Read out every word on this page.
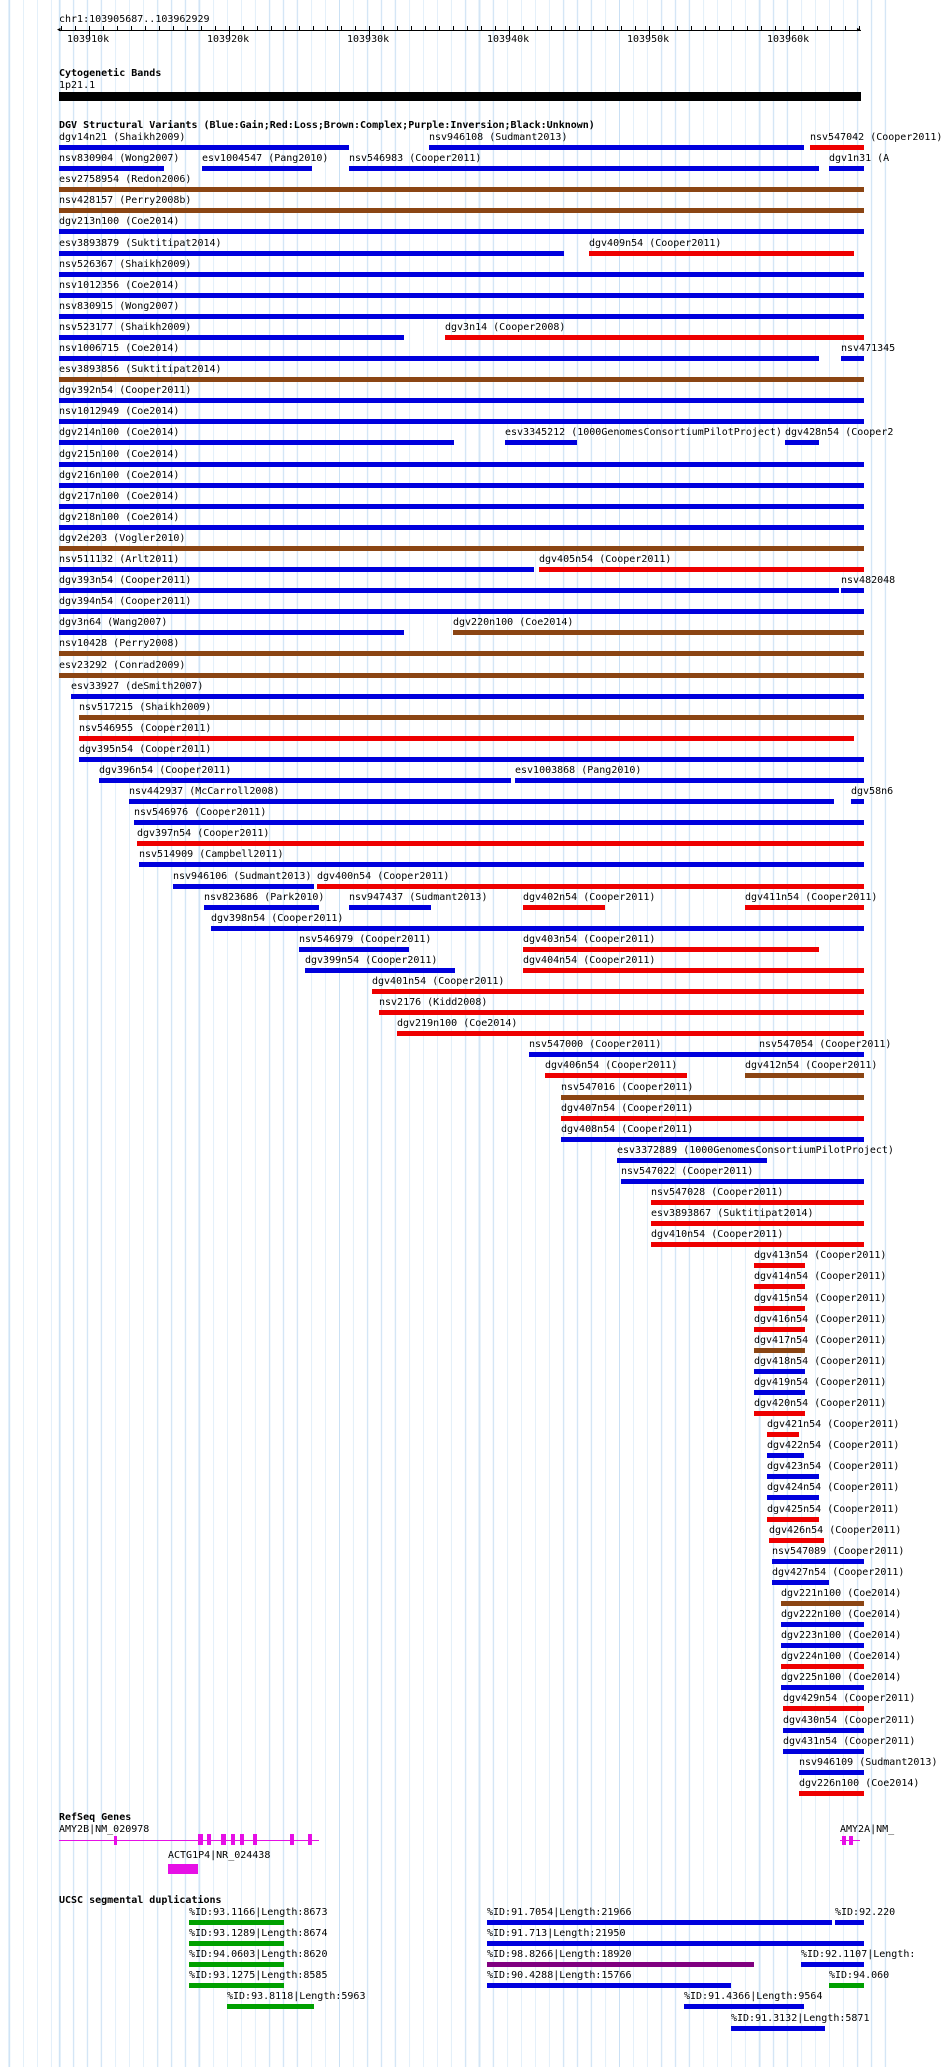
chr1:103905687..103962929
103910k	103920k	103930k	103940k	103950k	103960k
◂	▸
Cytogenetic Bands
1p21.1
DGV Structural Variants (Blue:Gain;Red:Loss;Brown:Complex;Purple:Inversion;Black:Unknown)
dgv14n21 (Shaikh2009)	nsv946108 (Sudmant2013)	nsv547042 (Cooper2011)
nsv830904 (Wong2007) esv1004547 (Pang2010) nsv546983 (Cooper2011)	dgv1n31 (A
esv2758954 (Redon2006)
nsv428157 (Perry2008b)
dgv213n100 (Coe2014)
esv3893879 (Suktitipat2014)	dgv409n54 (Cooper2011)
nsv526367 (Shaikh2009)
nsv1012356 (Coe2014)
nsv830915 (Wong2007)
nsv523177 (Shaikh2009)	dgv3n14 (Cooper2008)
nsv1006715 (Coe2014)	nsv471345
esv3893856 (Suktitipat2014)
dgv392n54 (Cooper2011)
nsv1012949 (Coe2014)
dgv214n100 (Coe2014)	esv3345212 (1000GenomesConsortiumPilotProject) dgv428n54 (Cooper2
dgv215n100 (Coe2014)
dgv216n100 (Coe2014)
dgv217n100 (Coe2014)
dgv218n100 (Coe2014)
dgv2e203 (Vogler2010)
nsv511132 (Arlt2011)	dgv405n54 (Cooper2011)
dgv393n54 (Cooper2011)	nsv482048
dgv394n54 (Cooper2011)
dgv3n64 (Wang2007)	dgv220n100 (Coe2014)
nsv10428 (Perry2008)
esv23292 (Conrad2009)
esv33927 (deSmith2007)
nsv517215 (Shaikh2009)
nsv546955 (Cooper2011)
dgv395n54 (Cooper2011)
dgv396n54 (Cooper2011)	esv1003868 (Pang2010)
nsv442937 (McCarroll2008)	dgv58n6
nsv546976 (Cooper2011)
dgv397n54 (Cooper2011)
nsv514909 (Campbell2011)
nsv946106 (Sudmant2013) dgv400n54 (Cooper2011)
nsv823686 (Park2010) nsv947437 (Sudmant2013)	dgv402n54 (Cooper2011)	dgv411n54 (Cooper2011)
dgv398n54 (Cooper2011)
nsv546979 (Cooper2011)	dgv403n54 (Cooper2011)
dgv399n54 (Cooper2011)	dgv404n54 (Cooper2011)
dgv401n54 (Cooper2011)
nsv2176 (Kidd2008)
dgv219n100 (Coe2014)
nsv547000 (Cooper2011)	nsv547054 (Cooper2011)
dgv406n54 (Cooper2011)	dgv412n54 (Cooper2011)
nsv547016 (Cooper2011)
dgv407n54 (Cooper2011)
dgv408n54 (Cooper2011)
esv3372889 (1000GenomesConsortiumPilotProject)
nsv547022 (Cooper2011)
nsv547028 (Cooper2011)
esv3893867 (Suktitipat2014)
dgv410n54 (Cooper2011)
dgv413n54 (Cooper2011)
dgv414n54 (Cooper2011)
dgv415n54 (Cooper2011)
dgv416n54 (Cooper2011)
dgv417n54 (Cooper2011)
dgv418n54 (Cooper2011)
dgv419n54 (Cooper2011)
dgv420n54 (Cooper2011)
dgv421n54 (Cooper2011)
dgv422n54 (Cooper2011)
dgv423n54 (Cooper2011)
dgv424n54 (Cooper2011)
dgv425n54 (Cooper2011)
dgv426n54 (Cooper2011)
nsv547089 (Cooper2011)
dgv427n54 (Cooper2011)
dgv221n100 (Coe2014)
dgv222n100 (Coe2014)
dgv223n100 (Coe2014)
dgv224n100 (Coe2014)
dgv225n100 (Coe2014)
dgv429n54 (Cooper2011)
dgv430n54 (Cooper2011)
dgv431n54 (Cooper2011)
nsv946109 (Sudmant2013)
dgv226n100 (Coe2014)
RefSeq Genes
AMY2B|NM_020978
ACTG1P4|NR_024438
AMY2A|NM_
UCSC segmental duplications
%ID:93.1166|Length:8673	%ID:91.7054|Length:21966	%ID:92.220
%ID:93.1289|Length:8674	%ID:91.713|Length:21950
%ID:94.0603|Length:8620	%ID:98.8266|Length:18920	%ID:92.1107|Length:
%ID:93.1275|Length:8585	%ID:90.4288|Length:15766	%ID:94.060
%ID:93.8118|Length:5963	%ID:91.4366|Length:9564
%ID:91.3132|Length:5871
